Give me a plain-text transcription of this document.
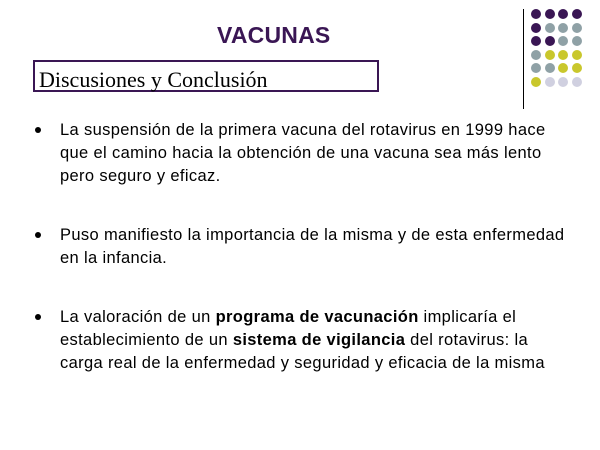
VACUNAS
Discusiones y Conclusión
La suspensión de la primera vacuna del rotavirus en 1999 hace que el camino hacia la obtención de una vacuna sea más lento pero seguro y eficaz.
Puso manifiesto la importancia de la misma y de esta enfermedad en la infancia.
La valoración de un programa de vacunación implicaría el establecimiento de un sistema de vigilancia del rotavirus: la carga real de la enfermedad y seguridad y eficacia de la misma
